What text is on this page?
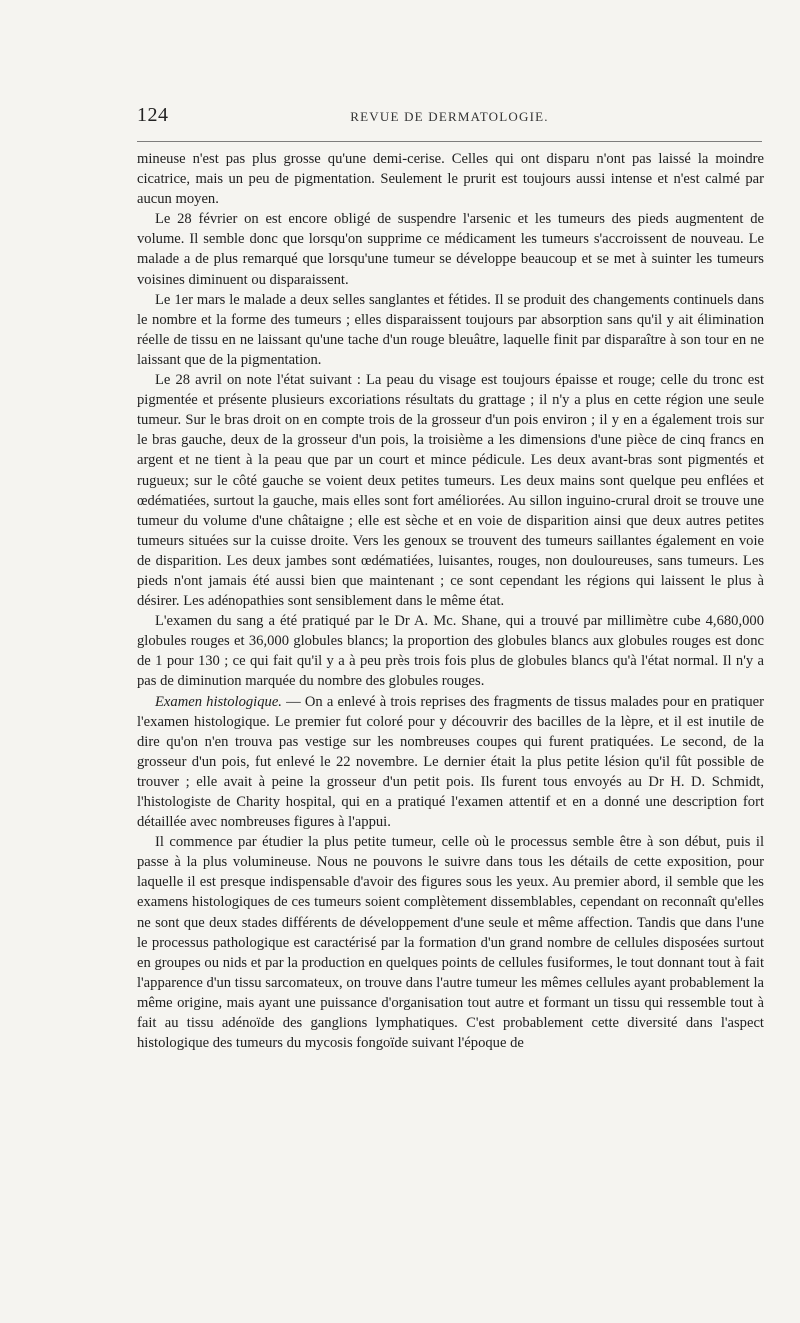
124	REVUE DE DERMATOLOGIE.

mineuse n'est pas plus grosse qu'une demi-cerise. Celles qui ont disparu n'ont pas laissé la moindre cicatrice, mais un peu de pigmentation. Seulement le prurit est toujours aussi intense et n'est calmé par aucun moyen.

Le 28 février on est encore obligé de suspendre l'arsenic et les tumeurs des pieds augmentent de volume. Il semble donc que lorsqu'on supprime ce médicament les tumeurs s'accroissent de nouveau. Le malade a de plus remarqué que lorsqu'une tumeur se développe beaucoup et se met à suinter les tumeurs voisines diminuent ou disparaissent.

Le 1er mars le malade a deux selles sanglantes et fétides. Il se produit des changements continuels dans le nombre et la forme des tumeurs ; elles disparaissent toujours par absorption sans qu'il y ait élimination réelle de tissu en ne laissant qu'une tache d'un rouge bleuâtre, laquelle finit par disparaître à son tour en ne laissant que de la pigmentation.

Le 28 avril on note l'état suivant : La peau du visage est toujours épaisse et rouge; celle du tronc est pigmentée et présente plusieurs excoriations résultats du grattage ; il n'y a plus en cette région une seule tumeur. Sur le bras droit on en compte trois de la grosseur d'un pois environ ; il y en a également trois sur le bras gauche, deux de la grosseur d'un pois, la troisième a les dimensions d'une pièce de cinq francs en argent et ne tient à la peau que par un court et mince pédicule. Les deux avant-bras sont pigmentés et rugueux; sur le côté gauche se voient deux petites tumeurs. Les deux mains sont quelque peu enflées et œdématiées, surtout la gauche, mais elles sont fort améliorées. Au sillon inguino-crural droit se trouve une tumeur du volume d'une châtaigne ; elle est sèche et en voie de disparition ainsi que deux autres petites tumeurs situées sur la cuisse droite. Vers les genoux se trouvent des tumeurs saillantes également en voie de disparition. Les deux jambes sont œdématiées, luisantes, rouges, non douloureuses, sans tumeurs. Les pieds n'ont jamais été aussi bien que maintenant ; ce sont cependant les régions qui laissent le plus à désirer. Les adénopathies sont sensiblement dans le même état.

L'examen du sang a été pratiqué par le Dr A. Mc. Shane, qui a trouvé par millimètre cube 4,680,000 globules rouges et 36,000 globules blancs; la proportion des globules blancs aux globules rouges est donc de 1 pour 130 ; ce qui fait qu'il y a à peu près trois fois plus de globules blancs qu'à l'état normal. Il n'y a pas de diminution marquée du nombre des globules rouges.

Examen histologique. — On a enlevé à trois reprises des fragments de tissus malades pour en pratiquer l'examen histologique. Le premier fut coloré pour y découvrir des bacilles de la lèpre, et il est inutile de dire qu'on n'en trouva pas vestige sur les nombreuses coupes qui furent pratiquées. Le second, de la grosseur d'un pois, fut enlevé le 22 novembre. Le dernier était la plus petite lésion qu'il fût possible de trouver ; elle avait à peine la grosseur d'un petit pois. Ils furent tous envoyés au Dr H. D. Schmidt, l'histologiste de Charity hospital, qui en a pratiqué l'examen attentif et en a donné une description fort détaillée avec nombreuses figures à l'appui.

Il commence par étudier la plus petite tumeur, celle où le processus semble être à son début, puis il passe à la plus volumineuse. Nous ne pouvons le suivre dans tous les détails de cette exposition, pour laquelle il est presque indispensable d'avoir des figures sous les yeux. Au premier abord, il semble que les examens histologiques de ces tumeurs soient complètement dissemblables, cependant on reconnaît qu'elles ne sont que deux stades différents de développement d'une seule et même affection. Tandis que dans l'une le processus pathologique est caractérisé par la formation d'un grand nombre de cellules disposées surtout en groupes ou nids et par la production en quelques points de cellules fusiformes, le tout donnant tout à fait l'apparence d'un tissu sarcomateux, on trouve dans l'autre tumeur les mêmes cellules ayant probablement la même origine, mais ayant une puissance d'organisation tout autre et formant un tissu qui ressemble tout à fait au tissu adénoïde des ganglions lymphatiques. C'est probablement cette diversité dans l'aspect histologique des tumeurs du mycosis fongoïde suivant l'époque de
